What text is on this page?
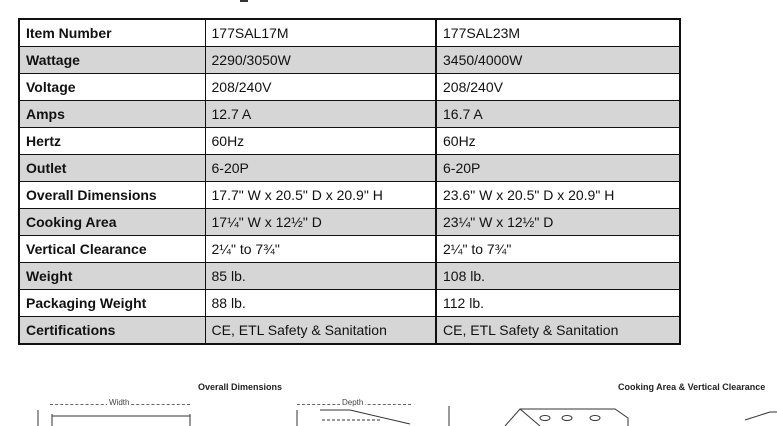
Item Number	177SAL17M	177SAL23M
Wattage	2290/3050W	3450/4000W
Voltage	208/240V	208/240V
Amps	12.7 A	16.7 A
Hertz	60Hz	60Hz
Outlet	6-20P	6-20P
Overall Dimensions	17.7" W x 20.5" D x 20.9" H	23.6" W x 20.5" D x 20.9" H
Cooking Area	17¼" W x 12½" D	23¼" W x 12½" D
Vertical Clearance	2¼" to 7¾"	2¼" to 7¾"
Weight	85 lb.	108 lb.
Packaging Weight	88 lb.	112 lb.
Certifications	CE, ETL Safety & Sanitation	CE, ETL Safety & Sanitation
Overall Dimensions	Cooking Area & Vertical Clearance
Width	Depth
